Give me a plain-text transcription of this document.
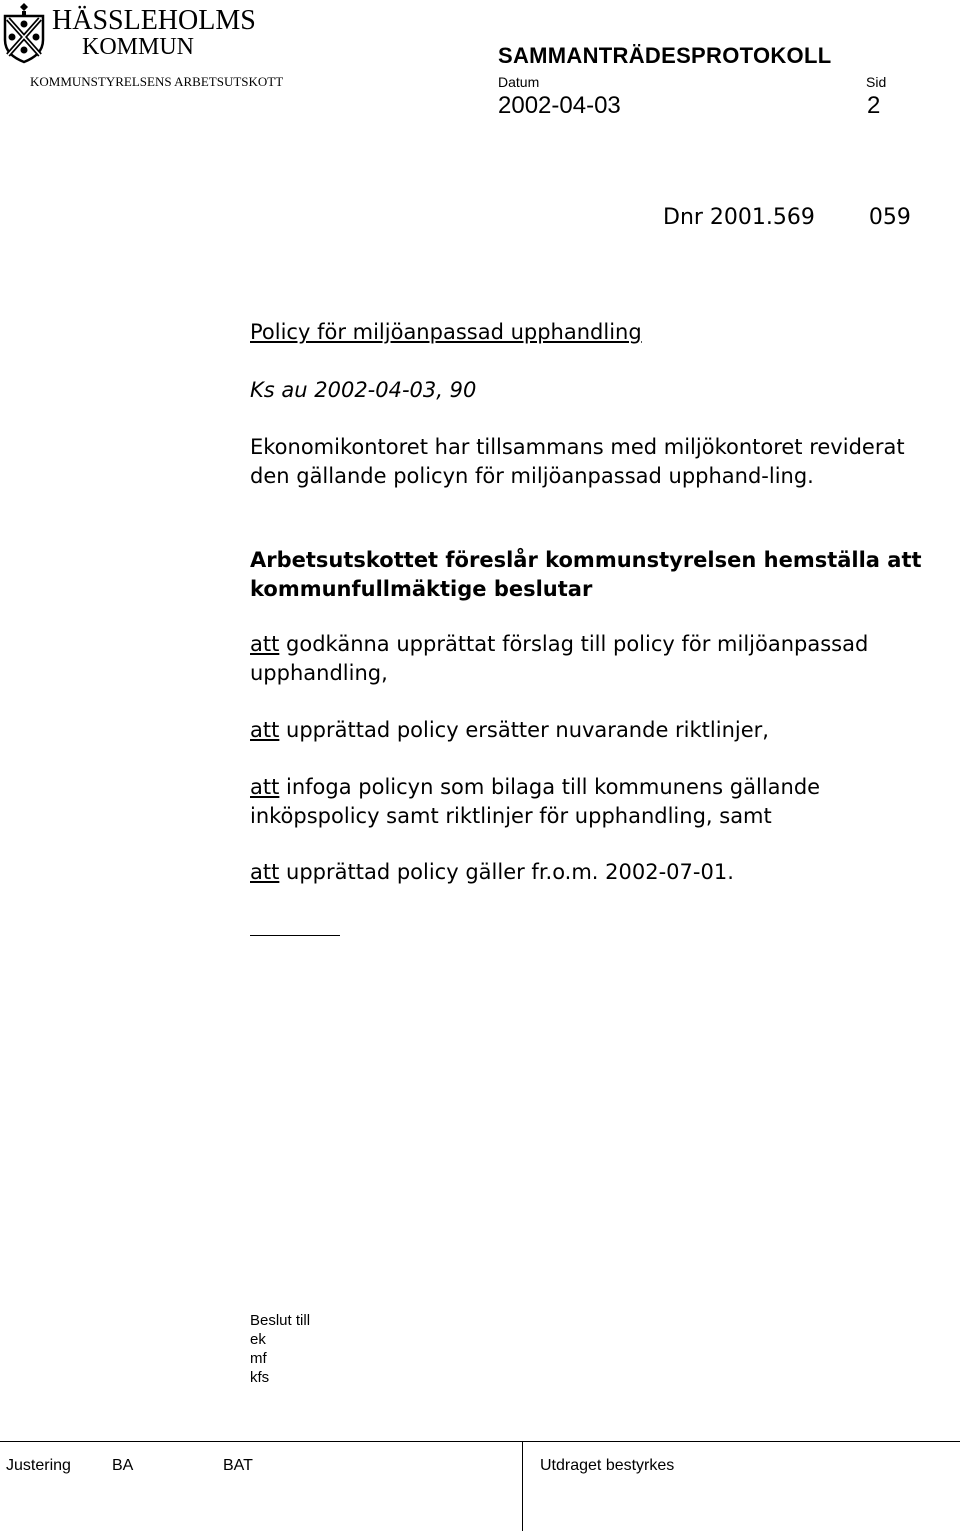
HÄSSLEHOLMS
KOMMUN
KOMMUNSTYRELSENS ARBETSUTSKOTT
SAMMANTRÄDESPROTOKOLL
Datum	Sid
2002-04-03	2
Dnr 2001.569 059
Policy för miljöanpassad upphandling
Ks au 2002-04-03, 90
Ekonomikontoret har tillsammans med miljökontoret reviderat den gällande policyn för miljöanpassad upphand-ling.
Arbetsutskottet föreslår kommunstyrelsen hemställa att kommunfullmäktige beslutar
att godkänna upprättat förslag till policy för miljöanpassad upphandling,
att upprättad policy ersätter nuvarande riktlinjer,
att infoga policyn som bilaga till kommunens gällande inköpspolicy samt riktlinjer för upphandling, samt
att upprättad policy gäller fr.o.m. 2002-07-01.
Beslut till
ek
mf
kfs
Justering	BA	BAT	Utdraget bestyrkes
